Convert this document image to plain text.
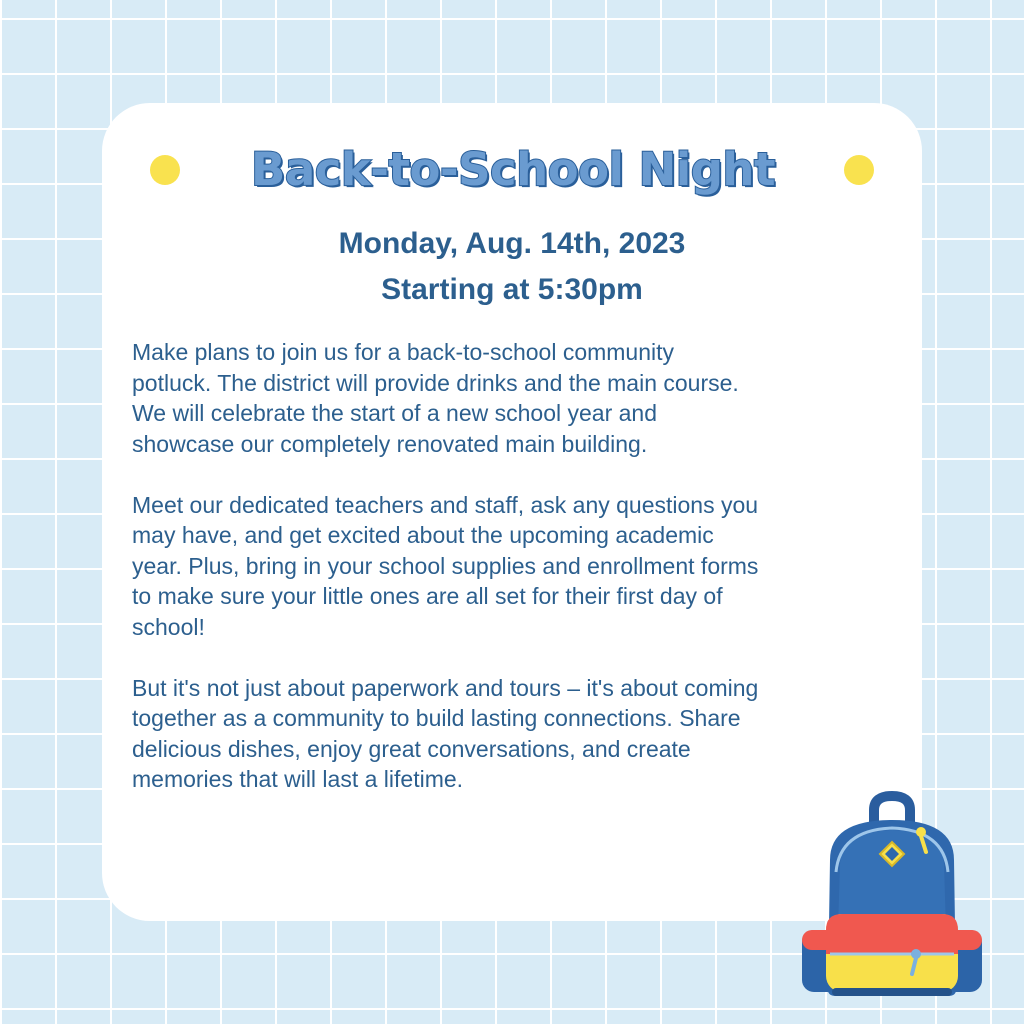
Back-to-School Night
Monday, Aug. 14th, 2023
Starting at 5:30pm
Make plans to join us for a back-to-school community
potluck. The district will provide drinks and the main course.
We will celebrate the start of a new school year and
showcase our completely renovated main building.
Meet our dedicated teachers and staff, ask any questions you
may have, and get excited about the upcoming academic
year. Plus, bring in your school supplies and enrollment forms
to make sure your little ones are all set for their first day of
school!
But it's not just about paperwork and tours – it's about coming
together as a community to build lasting connections. Share
delicious dishes, enjoy great conversations, and create
memories that will last a lifetime.
